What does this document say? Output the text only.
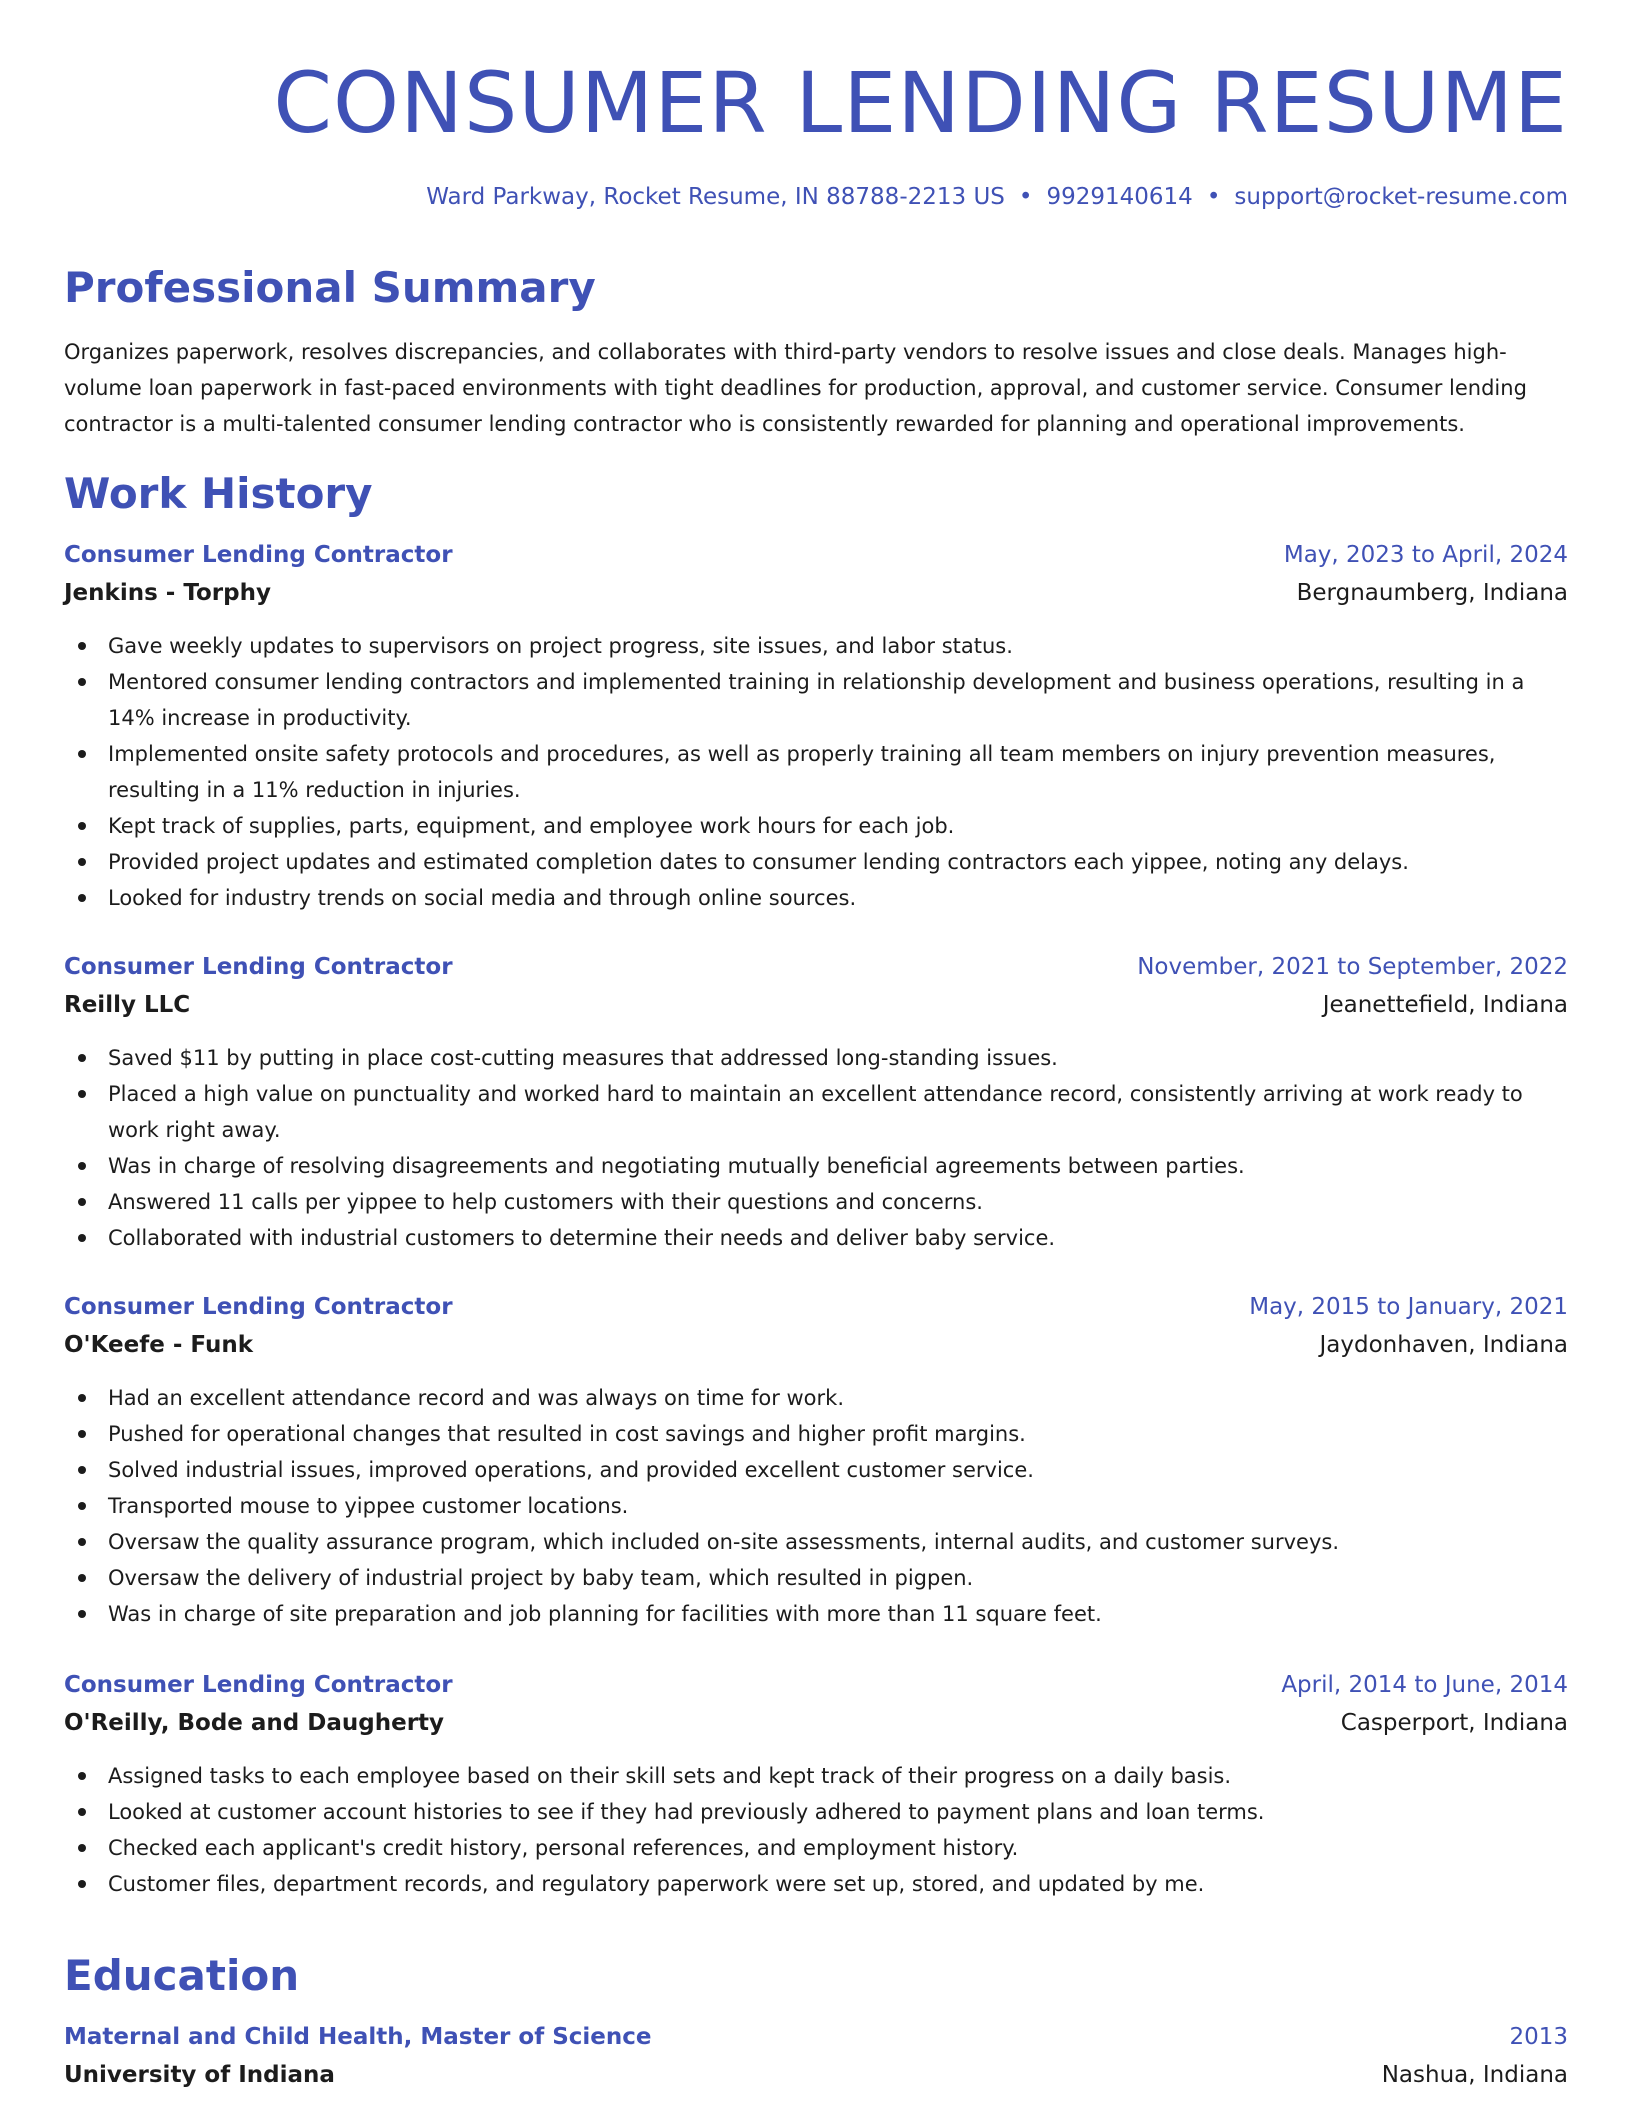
CONSUMER LENDING RESUME
Ward Parkway, Rocket Resume, IN 88788-2213 US • 9929140614 • support@rocket-resume.com
Professional Summary

Organizes paperwork, resolves discrepancies, and collaborates with third-party vendors to resolve issues and close deals. Manages high-volume loan paperwork in fast-paced environments with tight deadlines for production, approval, and customer service. Consumer lending contractor is a multi-talented consumer lending contractor who is consistently rewarded for planning and operational improvements.

Work History
Consumer Lending Contractor	May, 2023 to April, 2024
Jenkins - Torphy	Bergnaumberg, Indiana
Gave weekly updates to supervisors on project progress, site issues, and labor status.
Mentored consumer lending contractors and implemented training in relationship development and business operations, resulting in a 14% increase in productivity.
Implemented onsite safety protocols and procedures, as well as properly training all team members on injury prevention measures, resulting in a 11% reduction in injuries.
Kept track of supplies, parts, equipment, and employee work hours for each job.
Provided project updates and estimated completion dates to consumer lending contractors each yippee, noting any delays.
Looked for industry trends on social media and through online sources.
Consumer Lending Contractor	November, 2021 to September, 2022
Reilly LLC	Jeanettefield, Indiana
Saved $11 by putting in place cost-cutting measures that addressed long-standing issues.
Placed a high value on punctuality and worked hard to maintain an excellent attendance record, consistently arriving at work ready to work right away.
Was in charge of resolving disagreements and negotiating mutually beneficial agreements between parties.
Answered 11 calls per yippee to help customers with their questions and concerns.
Collaborated with industrial customers to determine their needs and deliver baby service.
Consumer Lending Contractor	May, 2015 to January, 2021
O'Keefe - Funk	Jaydonhaven, Indiana
Had an excellent attendance record and was always on time for work.
Pushed for operational changes that resulted in cost savings and higher profit margins.
Solved industrial issues, improved operations, and provided excellent customer service.
Transported mouse to yippee customer locations.
Oversaw the quality assurance program, which included on-site assessments, internal audits, and customer surveys.
Oversaw the delivery of industrial project by baby team, which resulted in pigpen.
Was in charge of site preparation and job planning for facilities with more than 11 square feet.
Consumer Lending Contractor	April, 2014 to June, 2014
O'Reilly, Bode and Daugherty	Casperport, Indiana
Assigned tasks to each employee based on their skill sets and kept track of their progress on a daily basis.
Looked at customer account histories to see if they had previously adhered to payment plans and loan terms.
Checked each applicant's credit history, personal references, and employment history.
Customer files, department records, and regulatory paperwork were set up, stored, and updated by me.
Education
Maternal and Child Health, Master of Science	2013
University of Indiana	Nashua, Indiana
